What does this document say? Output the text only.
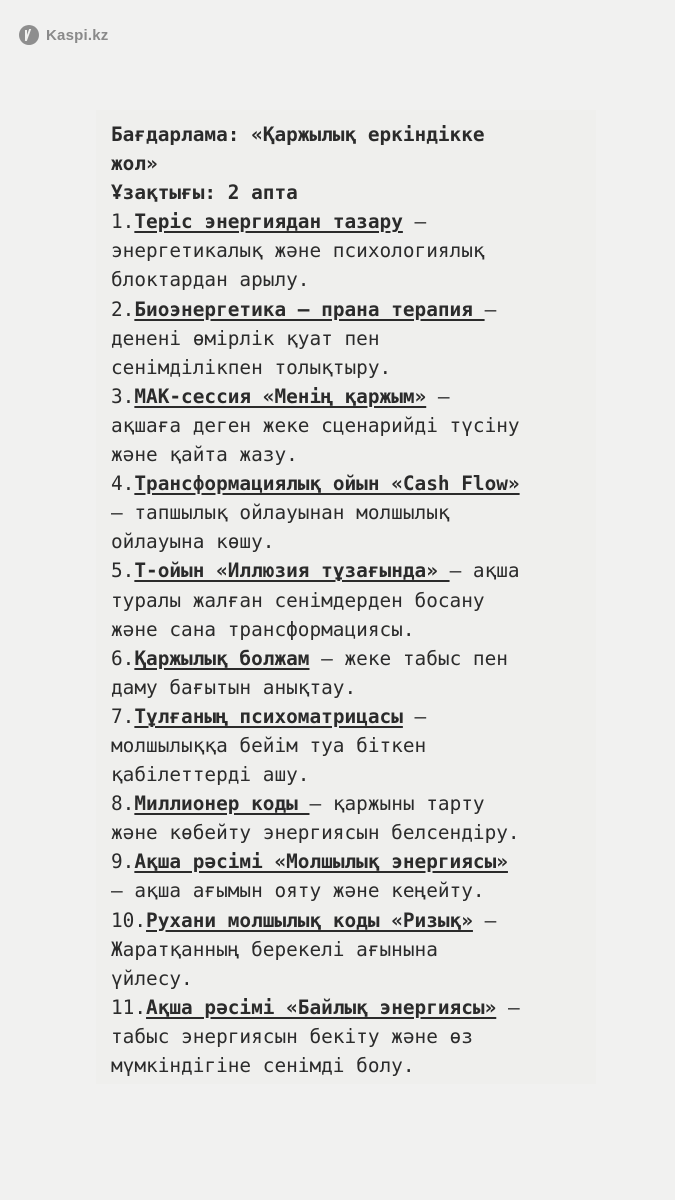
Kaspi.kz
Бағдарлама: «Қаржылық еркіндікке
жол»
Ұзақтығы: 2 апта
1.Теріс энергиядан тазару —
энергетикалық және психологиялық
блоктардан арылу.
2.Биоэнергетика — прана терапия —
денені өмірлік қуат пен
сенімділікпен толықтыру.
3.МАК-сессия «Менің қаржым» —
ақшаға деген жеке сценарийді түсіну
және қайта жазу.
4.Трансформациялық ойын «Cash Flow»
— тапшылық ойлауынан молшылық
ойлауына көшу.
5.Т-ойын «Иллюзия тұзағында» — ақша
туралы жалған сенімдерден босану
және сана трансформациясы.
6.Қаржылық болжам — жеке табыс пен
даму бағытын анықтау.
7.Тұлғаның психоматрицасы —
молшылыққа бейім туа біткен
қабілеттерді ашу.
8.Миллионер коды — қаржыны тарту
және көбейту энергиясын белсендіру.
9.Ақша рәсімі «Молшылық энергиясы»
— ақша ағымын ояту және кеңейту.
10.Рухани молшылық коды «Ризық» —
Жаратқанның берекелі ағынына
үйлесу.
11.Ақша рәсімі «Байлық энергиясы» —
табыс энергиясын бекіту және өз
мүмкіндігіне сенімді болу.
